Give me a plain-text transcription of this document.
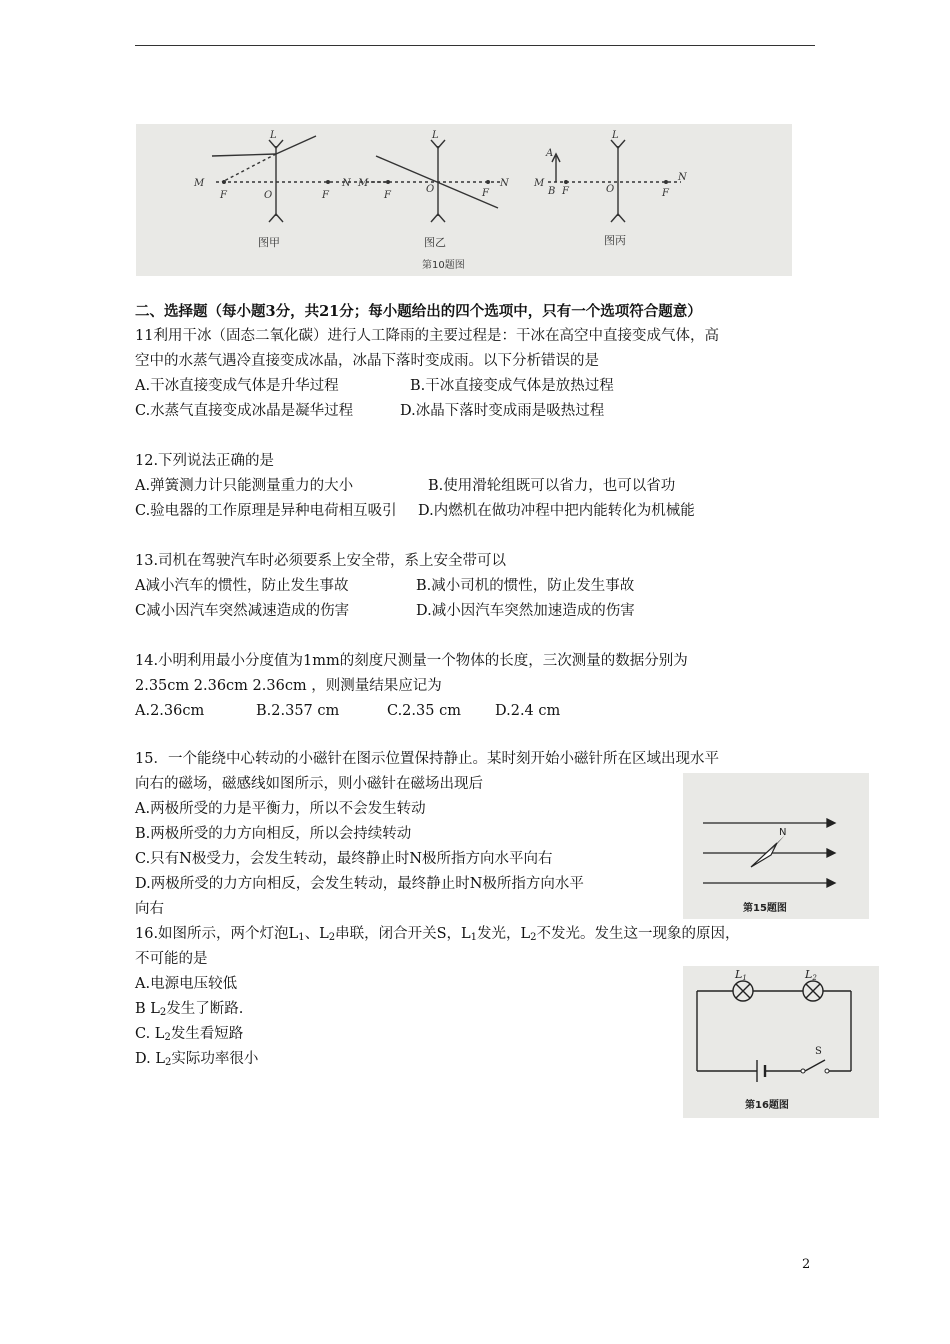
L
M
F	O	F
N
L
M
F
O	F
N
L
A
M
B F	O	F
N
图甲	图乙	图丙
第10题图
二、选择题（每小题3分，共21分；每小题给出的四个选项中，只有一个选项符合题意）
11利用干冰（固态二氧化碳）进行人工降雨的主要过程是：干冰在高空中直接变成气体，高
空中的水蒸气遇冷直接变成冰晶，冰晶下落时变成雨。以下分析错误的是
A.干冰直接变成气体是升华过程	B.干冰直接变成气体是放热过程
C.水蒸气直接变成冰晶是凝华过程	D.冰晶下落时变成雨是吸热过程
12.下列说法正确的是
A.弹簧测力计只能测量重力的大小	B.使用滑轮组既可以省力，也可以省功
C.验电器的工作原理是异种电荷相互吸引 D.内燃机在做功冲程中把内能转化为机械能
13.司机在驾驶汽车时必须要系上安全带，系上安全带可以
A减小汽车的惯性，防止发生事故	B.减小司机的惯性，防止发生事故
C减小因汽车突然减速造成的伤害	D.减小因汽车突然加速造成的伤害
14.小明利用最小分度值为1mm的刻度尺测量一个物体的长度，三次测量的数据分别为
2.35cm 2.36cm 2.36cm ，则测量结果应记为
A.2.36cm	B.2.357 cm	C.2.35 cm D.2.4 cm
15．一个能绕中心转动的小磁针在图示位置保持静止。某时刻开始小磁针所在区域出现水平
向右的磁场，磁感线如图所示，则小磁针在磁场出现后
A.两极所受的力是平衡力，所以不会发生转动
B.两极所受的力方向相反，所以会持续转动
C.只有N极受力，会发生转动，最终静止时N极所指方向水平向右
D.两极所受的力方向相反，会发生转动，最终静止时N极所指方向水平
向右
N
第15题图
16.如图所示，两个灯泡$L_1$、$L_2$串联，闭合开关S，$L_1$发光，$L_2$不发光。发生这一现象的原因，
不可能的是
A.电源电压较低
B $L_2$发生了断路.
C. $L_2$发生看短路
D. $L_2$实际功率很小
L1	L2
S
第16题图
2
